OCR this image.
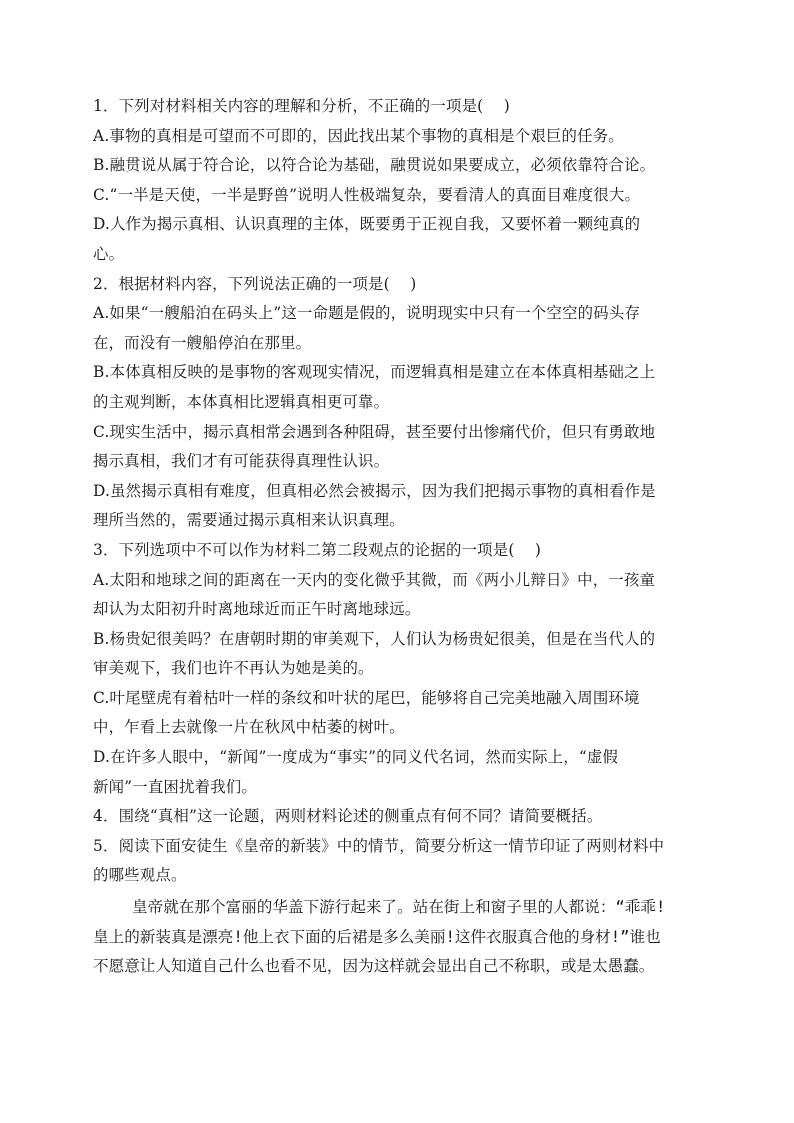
1．下列对材料相关内容的理解和分析，不正确的一项是(    )
A.事物的真相是可望而不可即的，因此找出某个事物的真相是个艰巨的任务。
B.融贯说从属于符合论，以符合论为基础，融贯说如果要成立，必须依靠符合论。
C.“一半是天使，一半是野兽”说明人性极端复杂，要看清人的真面目难度很大。
D.人作为揭示真相、认识真理的主体，既要勇于正视自我，又要怀着一颗纯真的
心。
2．根据材料内容，下列说法正确的一项是(    )
A.如果“一艘船泊在码头上”这一命题是假的，说明现实中只有一个空空的码头存
在，而没有一艘船停泊在那里。
B.本体真相反映的是事物的客观现实情况，而逻辑真相是建立在本体真相基础之上
的主观判断，本体真相比逻辑真相更可靠。
C.现实生活中，揭示真相常会遇到各种阻碍，甚至要付出惨痛代价，但只有勇敢地
揭示真相，我们才有可能获得真理性认识。
D.虽然揭示真相有难度，但真相必然会被揭示，因为我们把揭示事物的真相看作是
理所当然的，需要通过揭示真相来认识真理。
3．下列选项中不可以作为材料二第二段观点的论据的一项是(    )
A.太阳和地球之间的距离在一天内的变化微乎其微，而《两小儿辩日》中，一孩童
却认为太阳初升时离地球近而正午时离地球远。
B.杨贵妃很美吗？在唐朝时期的审美观下，人们认为杨贵妃很美，但是在当代人的
审美观下，我们也许不再认为她是美的。
C.叶尾壁虎有着枯叶一样的条纹和叶状的尾巴，能够将自己完美地融入周围环境
中，乍看上去就像一片在秋风中枯萎的树叶。
D.在许多人眼中，“新闻”一度成为“事实”的同义代名词，然而实际上，“虚假
新闻”一直困扰着我们。
4．围绕“真相”这一论题，两则材料论述的侧重点有何不同？请简要概括。
5．阅读下面安徒生《皇帝的新装》中的情节，简要分析这一情节印证了两则材料中
的哪些观点。
皇帝就在那个富丽的华盖下游行起来了。站在街上和窗子里的人都说：“乖乖!
皇上的新装真是漂亮!他上衣下面的后裙是多么美丽!这件衣服真合他的身材!”谁也
不愿意让人知道自己什么也看不见，因为这样就会显出自己不称职，或是太愚蠢。
